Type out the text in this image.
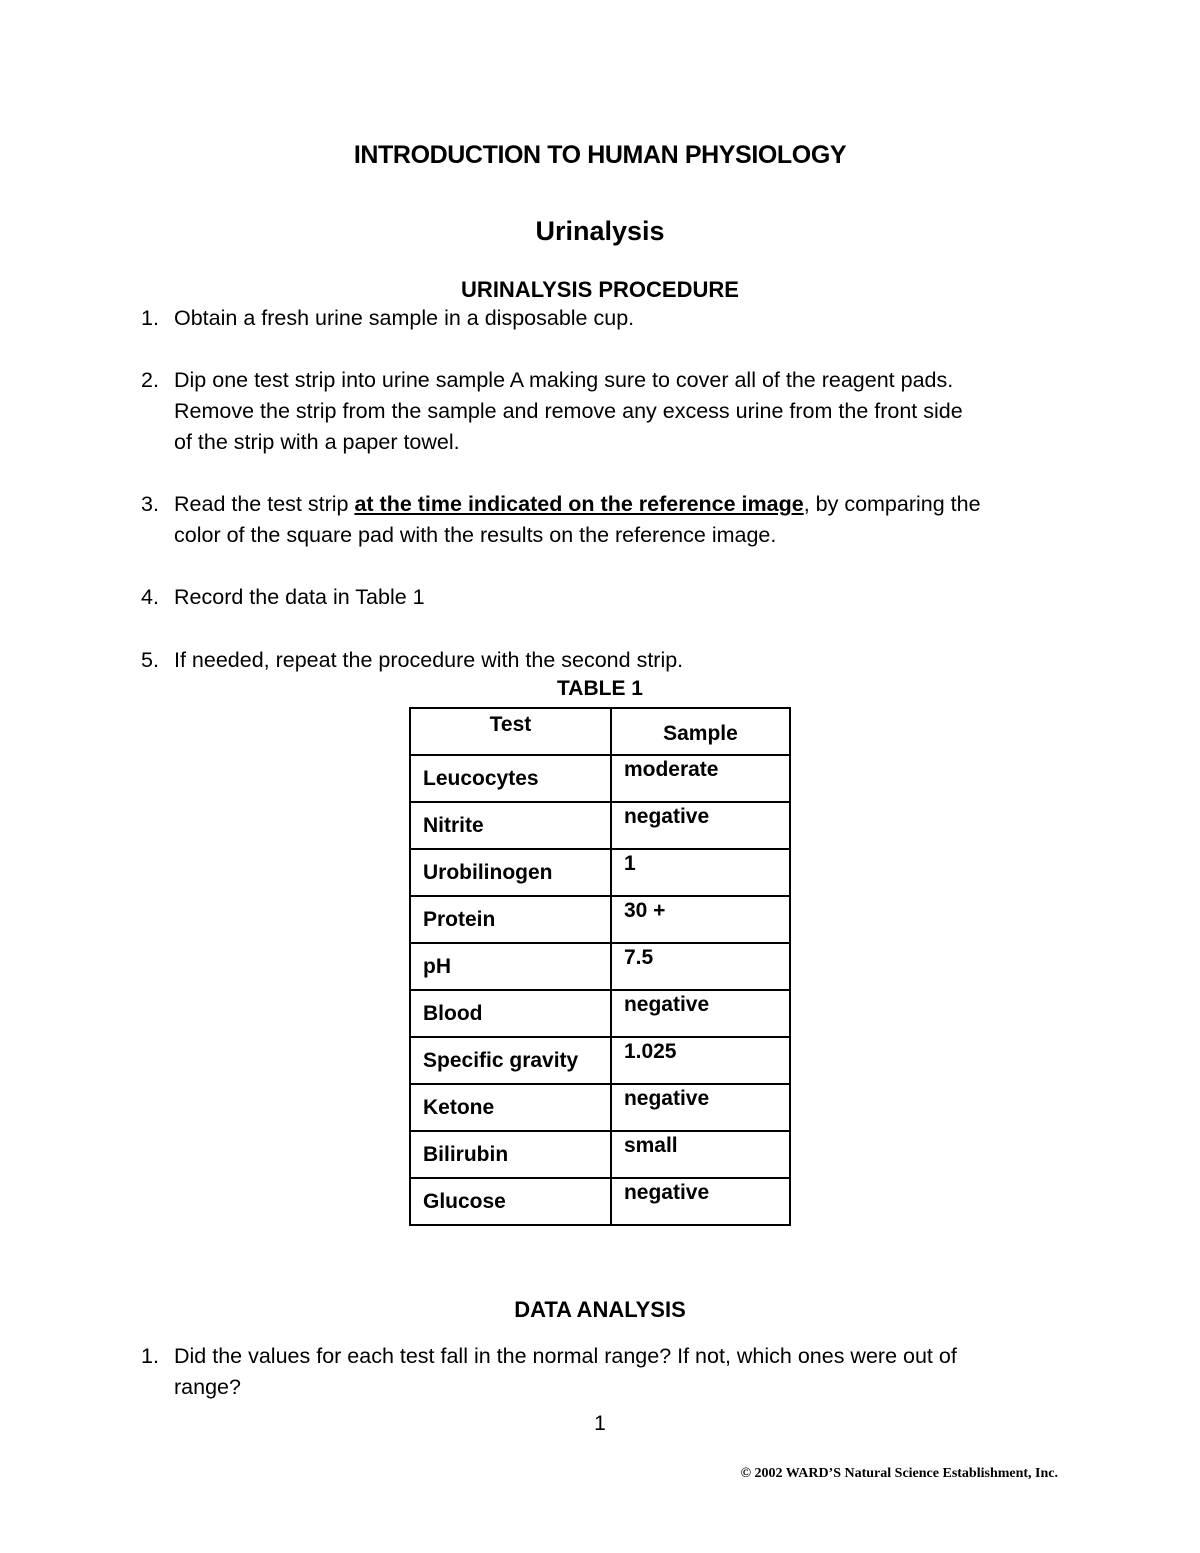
INTRODUCTION TO HUMAN PHYSIOLOGY
Urinalysis
URINALYSIS PROCEDURE
1. Obtain a fresh urine sample in a disposable cup.
2. Dip one test strip into urine sample A making sure to cover all of the reagent pads.
Remove the strip from the sample and remove any excess urine from the front side
of the strip with a paper towel.
3. Read the test strip at the time indicated on the reference image, by comparing the
color of the square pad with the results on the reference image.
4. Record the data in Table 1
5. If needed, repeat the procedure with the second strip.
TABLE 1
Test	Sample

Leucocytes	moderate

Nitrite	negative

Urobilinogen	1

Protein	30 +

pH	7.5

Blood	negative

Specific gravity	1.025

Ketone	negative

Bilirubin	small

Glucose	negative
DATA ANALYSIS
1. Did the values for each test fall in the normal range? If not, which ones were out of
range?
1
© 2002 WARD’S Natural Science Establishment, Inc.
